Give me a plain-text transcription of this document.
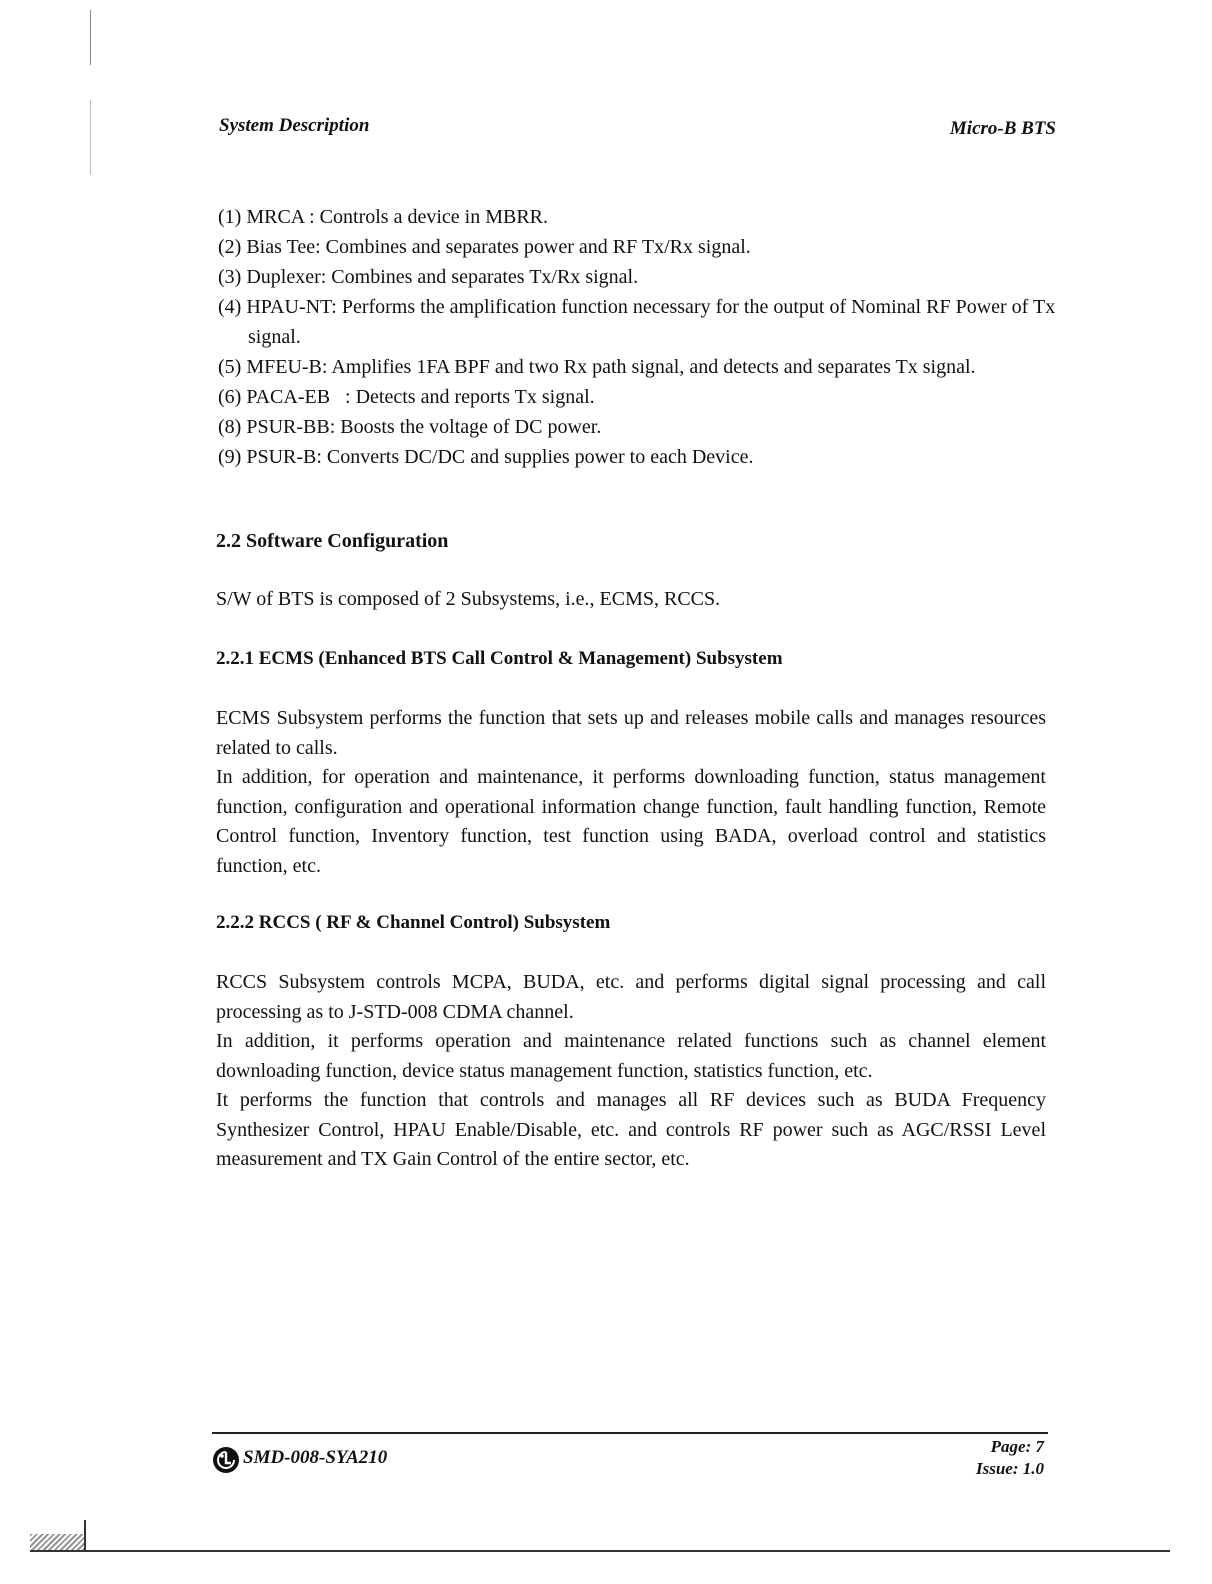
System Description	Micro-B BTS

(1) MRCA : Controls a device in MBRR.

(2) Bias Tee: Combines and separates power and RF Tx/Rx signal.

(3) Duplexer: Combines and separates Tx/Rx signal.

(4) HPAU-NT: Performs the amplification function necessary for the output of Nominal RF Power of Tx signal.

(5) MFEU-B: Amplifies 1FA BPF and two Rx path signal, and detects and separates Tx signal.

(6) PACA-EB   : Detects and reports Tx signal.

(8) PSUR-BB: Boosts the voltage of DC power.

(9) PSUR-B: Converts DC/DC and supplies power to each Device.

2.2 Software Configuration
S/W of BTS is composed of 2 Subsystems, i.e., ECMS, RCCS.
2.2.1 ECMS (Enhanced BTS Call Control & Management) Subsystem

ECMS Subsystem performs the function that sets up and releases mobile calls and manages resources related to calls.

In addition, for operation and maintenance, it performs downloading function, status management function, configuration and operational information change function, fault handling function, Remote Control function, Inventory function, test function using BADA, overload control and statistics function, etc.

2.2.2 RCCS ( RF & Channel Control) Subsystem

RCCS Subsystem controls MCPA, BUDA, etc. and performs digital signal processing and call processing as to J-STD-008 CDMA channel.

In addition, it performs operation and maintenance related functions such as channel element downloading function, device status management function, statistics function, etc.

It performs the function that controls and manages all RF devices such as BUDA Frequency Synthesizer Control, HPAU Enable/Disable, etc. and controls RF power such as AGC/RSSI Level measurement and TX Gain Control of the entire sector, etc.

SMD-008-SYA210
Page: 7
Issue: 1.0
